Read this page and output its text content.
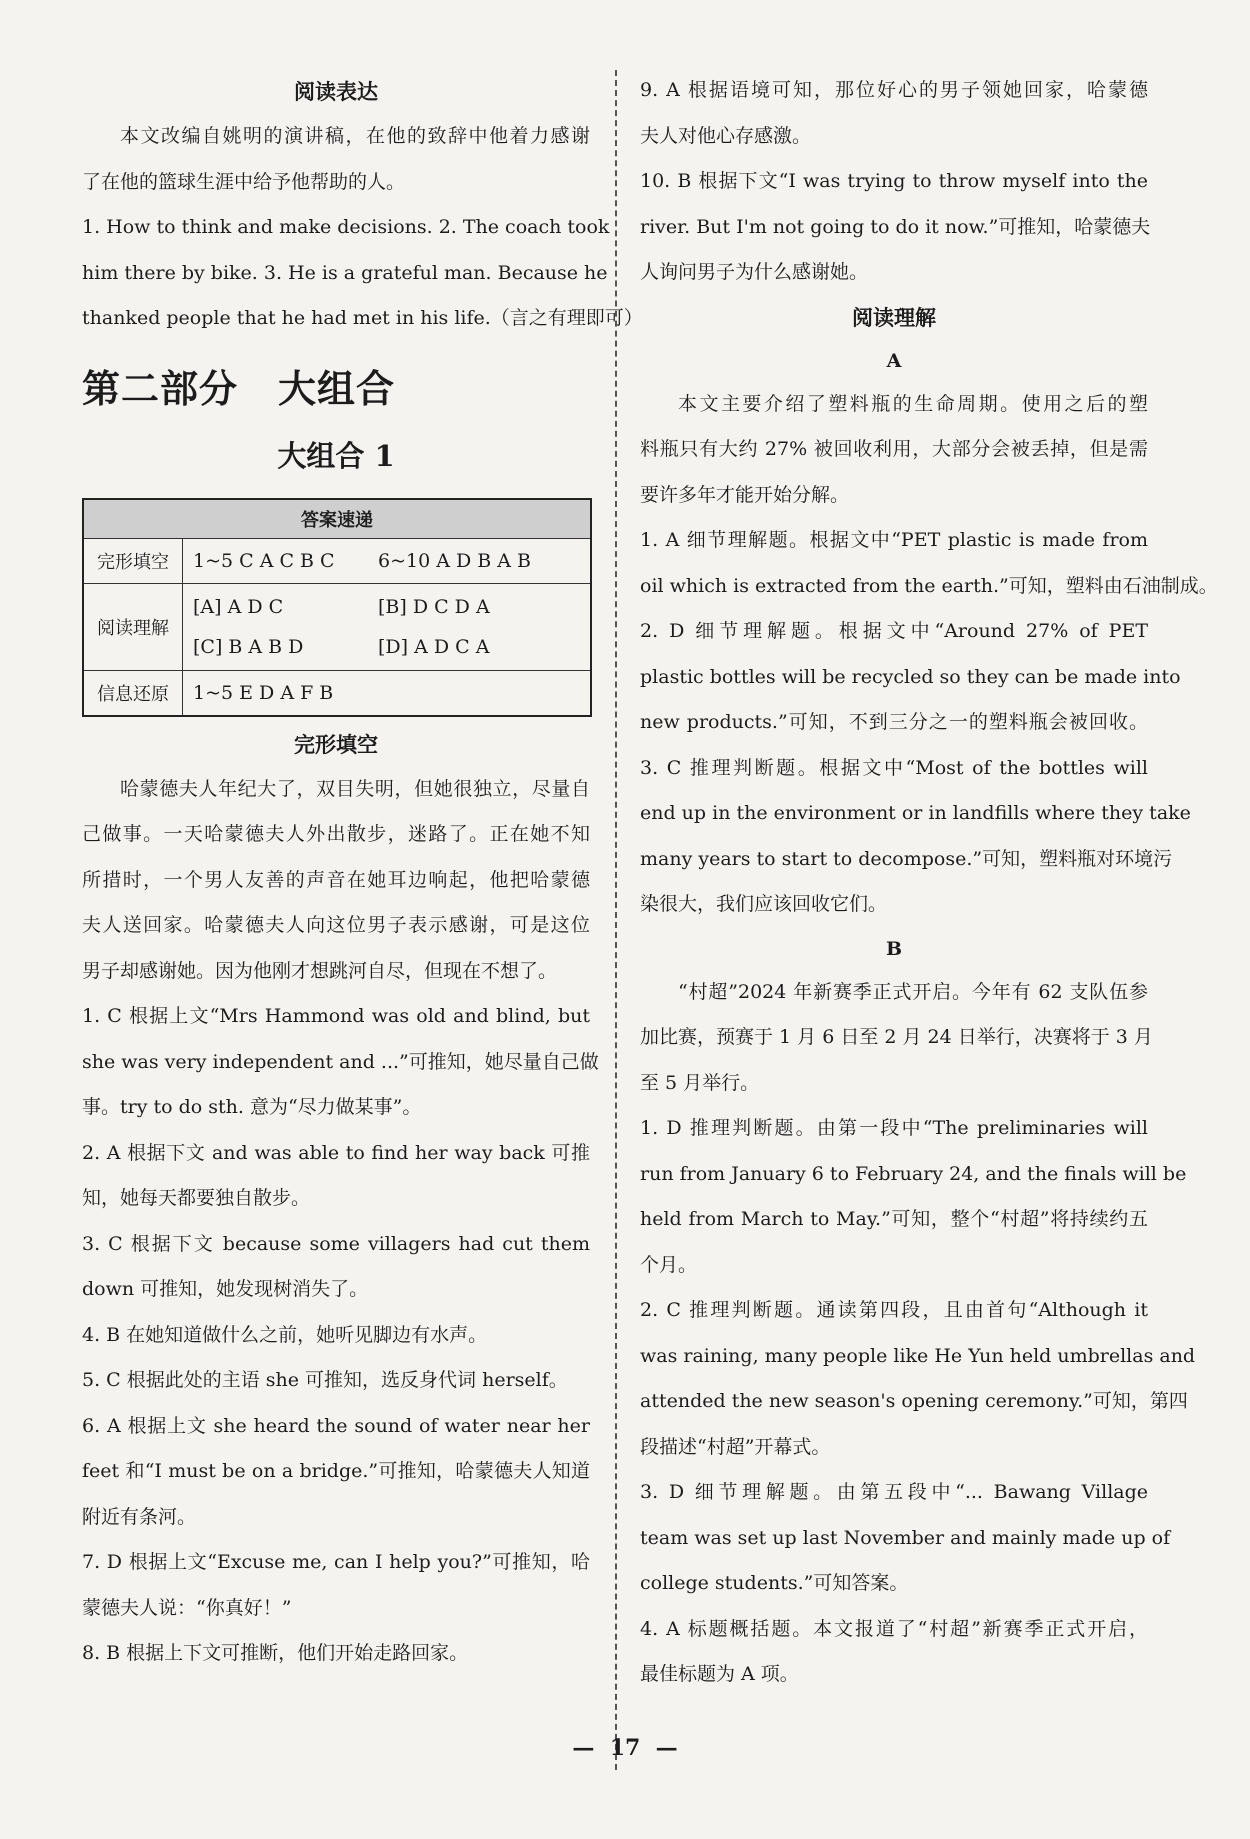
阅读表达
本文改编自姚明的演讲稿，在他的致辞中他着力感谢
了在他的篮球生涯中给予他帮助的人。
1. How to think and make decisions. 2. The coach took
him there by bike. 3. He is a grateful man. Because he
thanked people that he had met in his life.（言之有理即可）
第二部分 大组合
大组合 1
答案速递	
完形填空	1~5 C A C B C 6~10 A D B A B

阅读理解	[A] A D C [B] D C D A
[C] B A B D [D] A D C A

信息还原	1~5 E D A F B
完形填空
哈蒙德夫人年纪大了，双目失明，但她很独立，尽量自
己做事。一天哈蒙德夫人外出散步，迷路了。正在她不知
所措时，一个男人友善的声音在她耳边响起，他把哈蒙德
夫人送回家。哈蒙德夫人向这位男子表示感谢，可是这位
男子却感谢她。因为他刚才想跳河自尽，但现在不想了。
1. C 根据上文“Mrs Hammond was old and blind, but
she was very independent and ...”可推知，她尽量自己做
事。try to do sth. 意为“尽力做某事”。
2. A 根据下文 and was able to find her way back 可推
知，她每天都要独自散步。
3. C 根据下文 because some villagers had cut them
down 可推知，她发现树消失了。
4. B 在她知道做什么之前，她听见脚边有水声。
5. C 根据此处的主语 she 可推知，选反身代词 herself。
6. A 根据上文 she heard the sound of water near her
feet 和“I must be on a bridge.”可推知，哈蒙德夫人知道
附近有条河。
7. D 根据上文“Excuse me, can I help you?”可推知，哈
蒙德夫人说：“你真好！”
8. B 根据上下文可推断，他们开始走路回家。
9. A 根据语境可知，那位好心的男子领她回家，哈蒙德
夫人对他心存感激。
10. B 根据下文“I was trying to throw myself into the
river. But I'm not going to do it now.”可推知，哈蒙德夫
人询问男子为什么感谢她。
阅读理解
A
本文主要介绍了塑料瓶的生命周期。使用之后的塑
料瓶只有大约 27% 被回收利用，大部分会被丢掉，但是需
要许多年才能开始分解。
1. A 细节理解题。根据文中“PET plastic is made from
oil which is extracted from the earth.”可知，塑料由石油制成。
2. D 细节理解题。根据文中“Around 27% of PET
plastic bottles will be recycled so they can be made into
new products.”可知，不到三分之一的塑料瓶会被回收。
3. C 推理判断题。根据文中“Most of the bottles will
end up in the environment or in landfills where they take
many years to start to decompose.”可知，塑料瓶对环境污
染很大，我们应该回收它们。
B
“村超”2024 年新赛季正式开启。今年有 62 支队伍参
加比赛，预赛于 1 月 6 日至 2 月 24 日举行，决赛将于 3 月
至 5 月举行。
1. D 推理判断题。由第一段中“The preliminaries will
run from January 6 to February 24, and the finals will be
held from March to May.”可知，整个“村超”将持续约五
个月。
2. C 推理判断题。通读第四段，且由首句“Although it
was raining, many people like He Yun held umbrellas and
attended the new season's opening ceremony.”可知，第四
段描述“村超”开幕式。
3. D 细节理解题。由第五段中“... Bawang Village
team was set up last November and mainly made up of
college students.”可知答案。
4. A 标题概括题。本文报道了“村超”新赛季正式开启，
最佳标题为 A 项。
—  17  —
